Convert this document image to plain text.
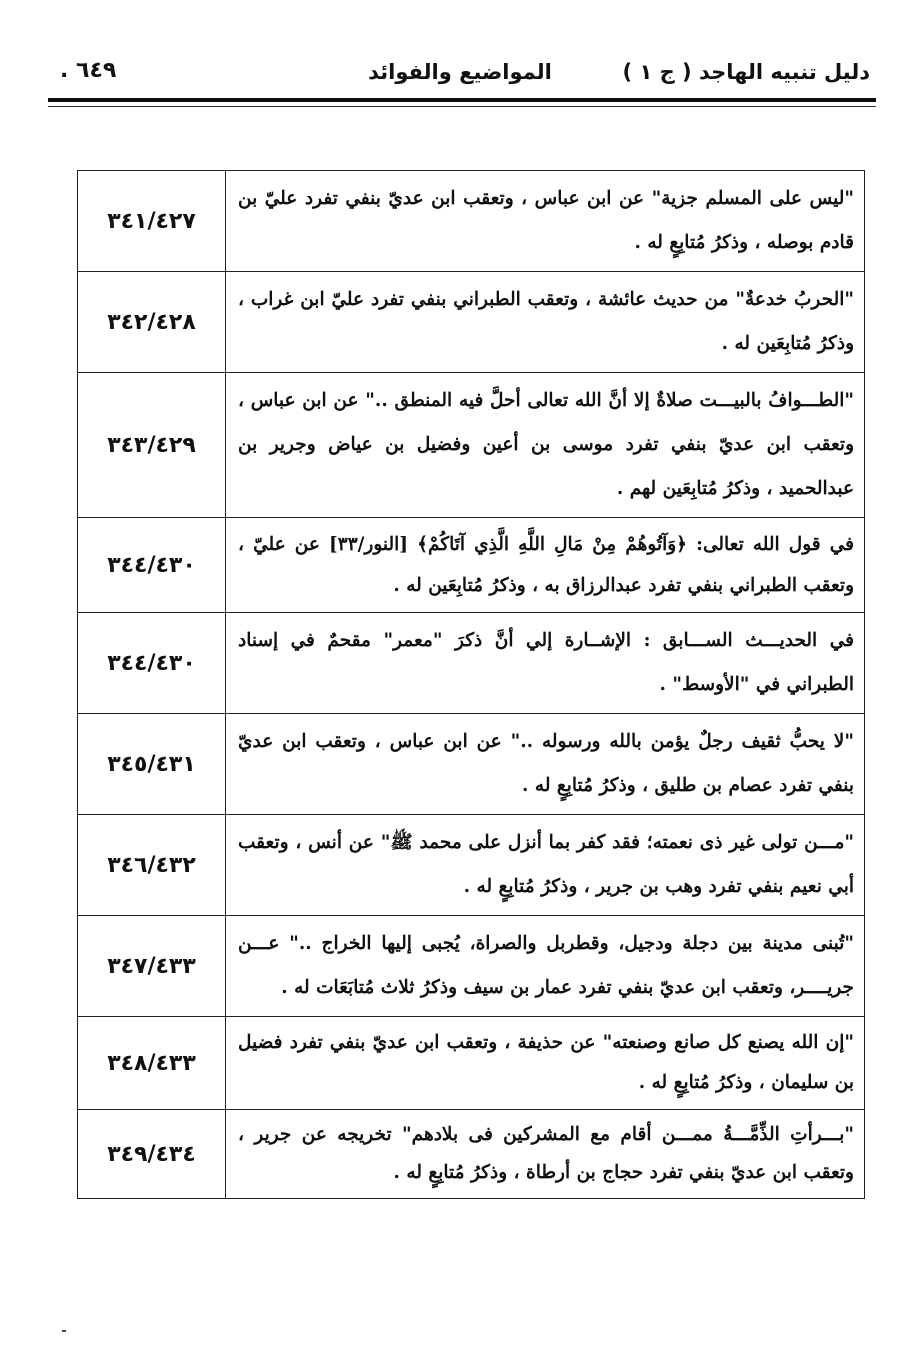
دليل تنبيه الهاجد ( ج ١ )
المواضيع والفوائد
. ٦٤٩
"ليس على المسلم جزية" عن ابن عباس ، وتعقب ابن عديّ بنفي تفرد عليّ بن قادم بوصله ، وذكرُ مُتابِعٍ له .	٣٤١/٤٢٧
"الحربُ خدعةٌ" من حديث عائشة ، وتعقب الطبراني بنفي تفرد عليّ ابن غراب ، وذكرُ مُتابِعَين له .	٣٤٢/٤٢٨
"الطـــوافُ بالبيـــت صلاةٌ إلا أنَّ الله تعالى أحلَّ فيه المنطق .." عن ابن عباس ، وتعقب ابن عديّ بنفي تفرد موسى بن أعين وفضيل بن عياض وجرير بن عبدالحميد ، وذكرُ مُتابِعَين لهم .	٣٤٣/٤٢٩
في قول الله تعالى: ﴿وَآتُوهُمْ مِنْ مَالِ اللَّهِ الَّذِي آتَاكُمْ﴾ [النور/٣٣] عن عليّ ، وتعقب الطبراني بنفي تفرد عبدالرزاق به ، وذكرُ مُتابِعَين له .	٣٤٤/٤٣٠
في الحديـــث الســـابق : الإشــارة إلي أنَّ ذكرَ "معمر" مقحمٌ في إسناد الطبراني في "الأوسط" .	٣٤٤/٤٣٠
"لا يحبُّ ثقيف رجلٌ يؤمن بالله ورسوله .." عن ابن عباس ، وتعقب ابن عديّ بنفي تفرد عصام بن طليق ، وذكرُ مُتابِعٍ له .	٣٤٥/٤٣١
"مـــن تولى غير ذى نعمته؛ فقد كفر بما أنزل على محمد ﷺ" عن أنس ، وتعقب أبي نعيم بنفي تفرد وهب بن جرير ، وذكرُ مُتابِعٍ له .	٣٤٦/٤٣٢
"تُبنى مدينة بين دجلة ودجيل، وقطربل والصراة، يُجبى إليها الخراج .." عـــن جريــــر، وتعقب ابن عديّ بنفي تفرد عمار بن سيف وذكرُ ثلاث مُتابَعَات له .	٣٤٧/٤٣٣
"إن الله يصنع كل صانع وصنعته" عن حذيفة ، وتعقب ابن عديّ بنفي تفرد فضيل بن سليمان ، وذكرُ مُتابِعٍ له .	٣٤٨/٤٣٣
"بـــرأتِ الذِّمَّـــةُ ممـــن أقام مع المشركين فى بلادهم" تخريجه عن جرير ، وتعقب ابن عديّ بنفي تفرد حجاج بن أرطاة ، وذكرُ مُتابِعٍ له .	٣٤٩/٤٣٤
